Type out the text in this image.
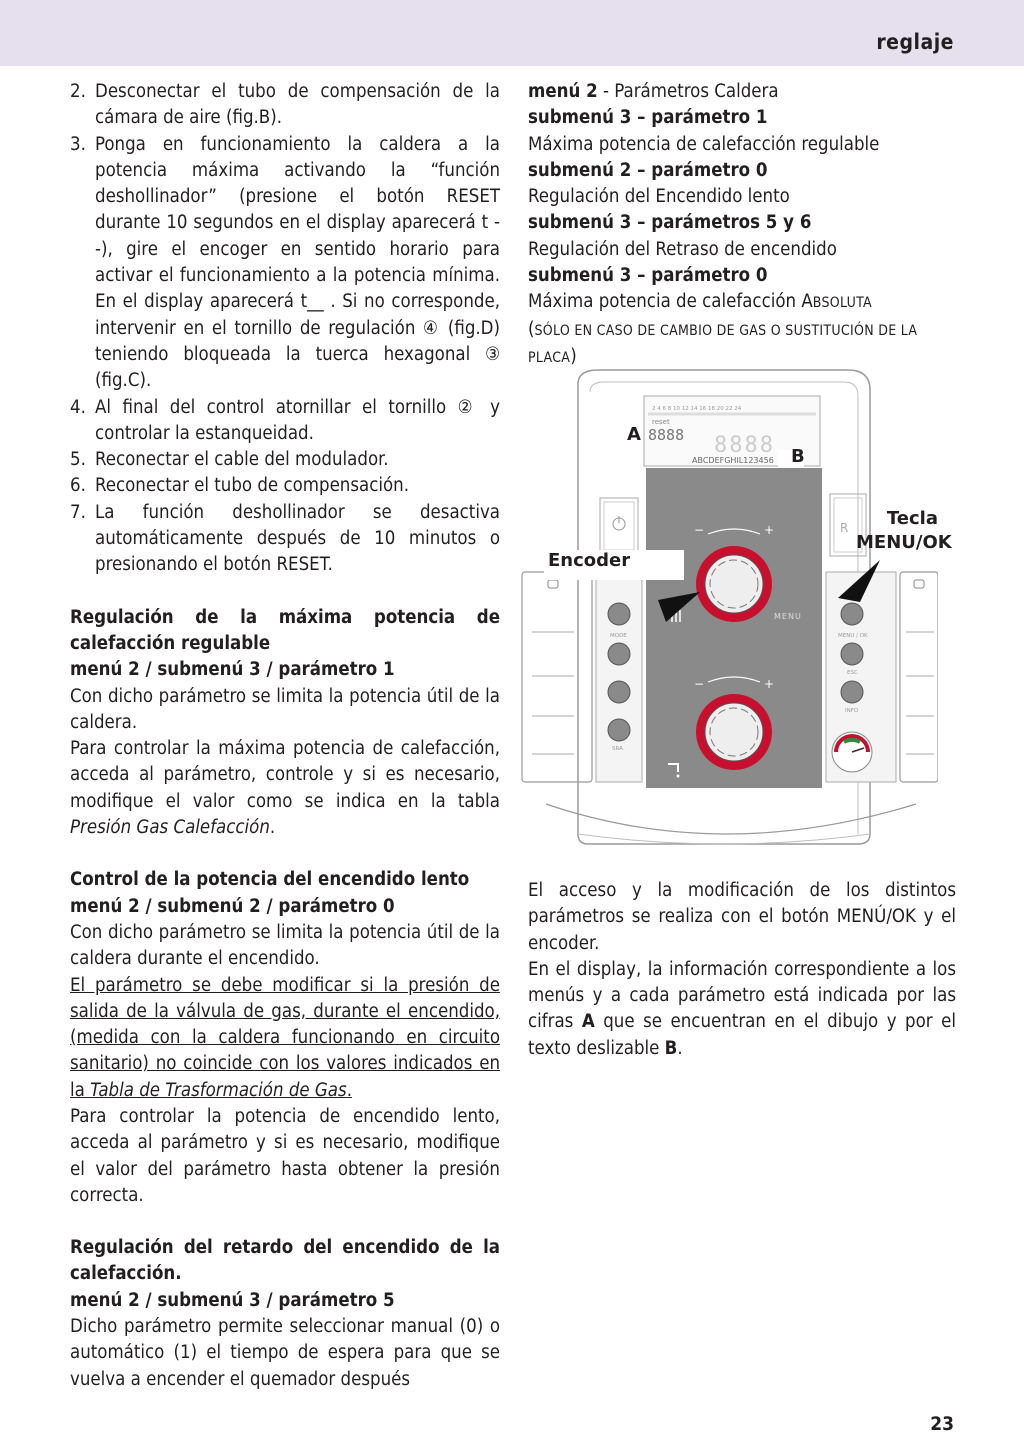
reglaje
2. Desconectar el tubo de compensación de la cámara de aire (fig.B).
3. Ponga en funcionamiento la caldera a la potencia máxima activando la “función deshollinador” (presione el botón RESET durante 10 segundos en el display aparecerá t --), gire el encoger en sentido horario para activar el funcionamiento a la potencia mínima. En el display aparecerá t__ . Si no corresponde, intervenir en el tornillo de regulación ④ (fig.D) teniendo bloqueada la tuerca hexagonal ③ (fig.C).
4. Al final del control atornillar el tornillo ② y controlar la estanqueidad.
5. Reconectar el cable del modulador.
6. Reconectar el tubo de compensación.
7. La función deshollinador se desactiva automáticamente después de 10 minutos o presionando el botón RESET.

Regulación de la máxima potencia de calefacción regulable

menú 2 / submenú 3 / parámetro 1

Con dicho parámetro se limita la potencia útil de la caldera.

Para controlar la máxima potencia de calefacción, acceda al parámetro, controle y si es necesario, modifique el valor como se indica en la tabla Presión Gas Calefacción.

Control de la potencia del encendido lento

menú 2 / submenú 2 / parámetro 0

Con dicho parámetro se limita la potencia útil de la caldera durante el encendido.

El parámetro se debe modificar si la presión de salida de la válvula de gas, durante el encendido, (medida con la caldera funcionando en circuito sanitario) no coincide con los valores indicados en la Tabla de Trasformación de Gas.

Para controlar la potencia de encendido lento, acceda al parámetro y si es necesario, modifique el valor del parámetro hasta obtener la presión correcta.

Regulación del retardo del encendido de la calefacción.

menú 2 / submenú 3 / parámetro 5

Dicho parámetro permite seleccionar manual (0) o automático (1) el tiempo de espera para que se vuelva a encender el quemador después

menú 2 - Parámetros Caldera

submenú 3 – parámetro 1

Máxima potencia de calefacción regulable

submenú 2 – parámetro 0

Regulación del Encendido lento

submenú 3 – parámetros 5 y 6

Regulación del Retraso de encendido

submenú 3 – parámetro 0

Máxima potencia de calefacción ABSOLUTA

(SÓLO EN CASO DE CAMBIO DE GAS O SUSTITUCIÓN DE LA PLACA)

2 4 6 8 10 12 14 16 18 20 22 24
reset
8888 8888
ABCDEFGHIL123456
R
−	+
MENU
−	+
MODE
SRA
MENU / OK
ESC
INFO
A
B
Encoder
Tecla
MENU/OK

El acceso y la modificación de los distintos parámetros se realiza con el botón MENÚ/OK y el encoder.

En el display, la información correspondiente a los menús y a cada parámetro está indicada por las cifras A que se encuentran en el dibujo y por el texto deslizable B.

23
